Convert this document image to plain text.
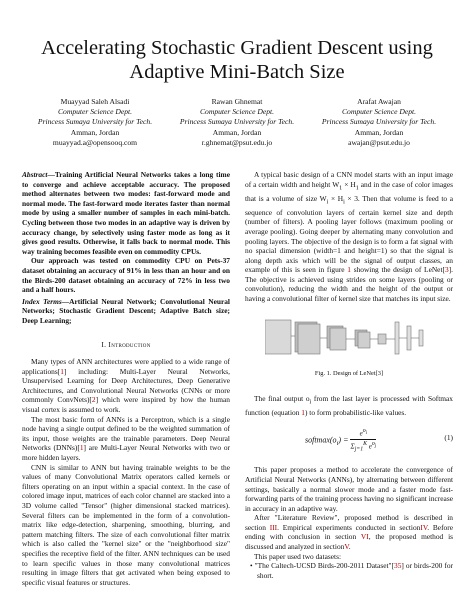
Accelerating Stochastic Gradient Descent using
Adaptive Mini-Batch Size
Muayyad Saleh Alsadi
Computer Science Dept.
Princess Sumaya University for Tech.
Amman, Jordan
muayyad.a@opensooq.com
Rawan Ghnemat
Computer Science Dept.
Princess Sumaya University for Tech.
Amman, Jordan
r.ghnemat@psut.edu.jo
Arafat Awajan
Computer Science Dept.
Princess Sumaya University for Tech.
Amman, Jordan
awajan@psut.edu.jo
Abstract—Training Artificial Neural Networks takes a long time to converge and achieve acceptable accuracy. The proposed method alternates between two modes: fast-forward mode and normal mode. The fast-forward mode iterates faster than normal mode by using a smaller number of samples in each mini-batch. Cycling between those two modes in an adaptive way is driven by accuracy change, by selectively using faster mode as long as it gives good results. Otherwise, it falls back to normal mode. This way training becomes feasible even on commodity CPUs.
Our approach was tested on commodity CPU on Pets-37 dataset obtaining an accuracy of 91% in less than an hour and on the Birds-200 dataset obtaining an accuracy of 72% in less two and a half hours.
Index Terms—Artificial Neural Network; Convolutional Neural Networks; Stochastic Gradient Descent; Adaptive Batch size; Deep Learning;
I. Introduction

Many types of ANN architectures were applied to a wide range of applications[1] including: Multi-Layer Neural Networks, Unsupervised Learning for Deep Architectures, Deep Generative Architectures, and Convolutional Neural Networks (CNNs or more commonly ConvNets)[2] which were inspired by how the human visual cortex is assumed to work.

The most basic form of ANNs is a Perceptron, which is a single node having a single output defined to be the weighted summation of its input, those weights are the trainable parameters. Deep Neural Networks (DNNs)[1] are Multi-Layer Neural Networks with two or more hidden layers.

CNN is similar to ANN but having trainable weights to be the values of many Convolutional Matrix operators called kernels or filters operating on an input within a spacial context. In the case of colored image input, matrices of each color channel are stacked into a 3D volume called "Tensor" (higher dimensional stacked matrices). Several filters can be implemented in the form of a convolution-matrix like edge-detection, sharpening, smoothing, blurring, and pattern matching filters. The size of each convolutional filter matrix which is also called the "kernel size" or the "neighborhood size" specifies the receptive field of the filter. ANN techniques can be used to learn specific values in those many convolutional matrices resulting in image filters that get activated when being exposed to specific visual features or structures.

A typical basic design of a CNN model starts with an input image of a certain width and height $W_1 \times H_1$ and in the case of color images that is a volume of size $W_i \times H_i \times 3$. Then that volume is feed to a sequence of convolution layers of certain kernel size and depth (number of filters). A pooling layer follows (maximum pooling or average pooling). Going deeper by alternating many convolution and pooling layers. The objective of the design is to form a fat signal with no spacial dimension (width=1 and height=1) so that the signal is along depth axis which will be the signal of output classes, an example of this is seen in figure 1 showing the design of LeNet[3]. The objective is achieved using strides on some layers (pooling or convolution), reducing the width and the height of the output or having a convolutional filter of kernel size that matches its input size.

Fig. 1. Design of LeNet[3]

The final output $o_i$ from the last layer is processed with Softmax function (equation 1) to form probabilistic-like values.

$softmax(o_i)$ =
$e^{o_i}$
$\Sigma_{j=1}^K$ $e^{o_j}$
(1)

This paper proposes a method to accelerate the convergence of Artificial Neural Networks (ANNs), by alternating between different settings, basically a normal slower mode and a faster mode fast-forwarding parts of the training process having no significant increase in accuracy in an adaptive way.

After "Literature Review", proposed method is described in section III. Empirical experiments conducted in sectionIV. Before ending with conclusion in section VI, the proposed method is discussed and analyzed in sectionV.

This paper used two datasets:

• "The Caltech-UCSD Birds-200-2011 Dataset"[35] or birds-200 for short.
